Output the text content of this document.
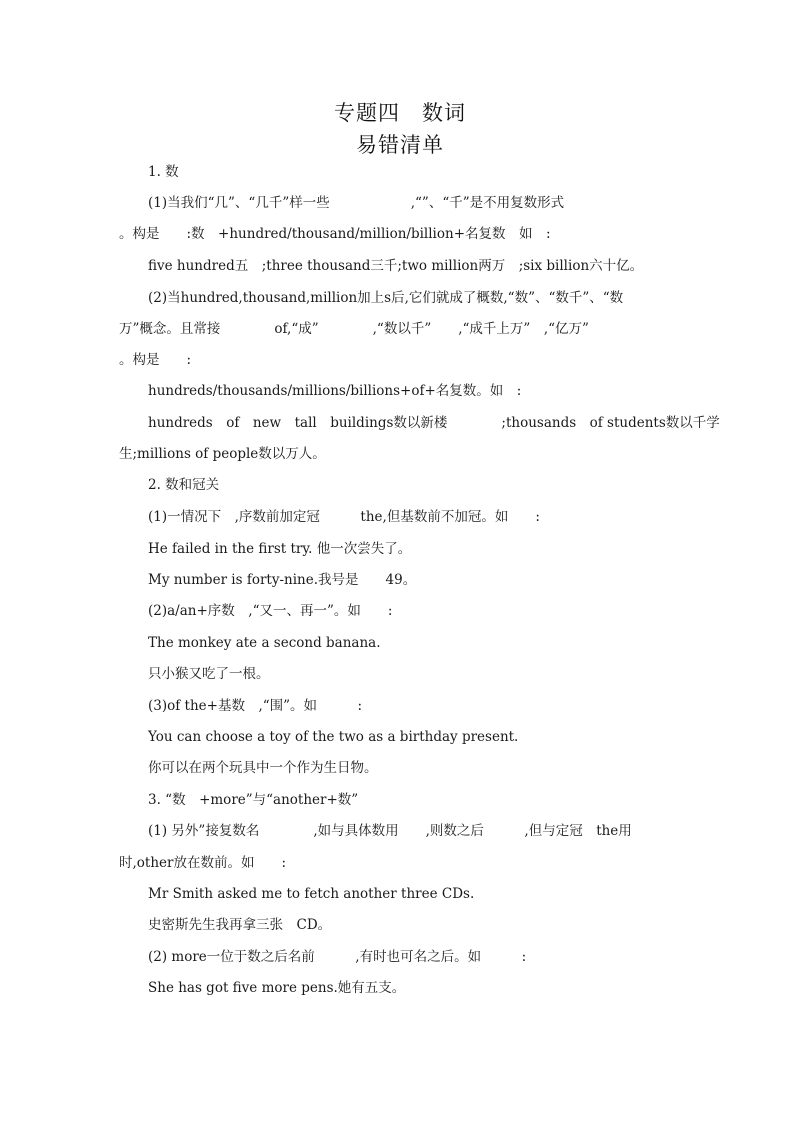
专题四　数词
易错清单
1. 数
(1)当我们“几”、“几千”样一些　　　　　　,“”、“千”是不用复数形式
。构是　　:数　+hundred/thousand/million/billion+名复数　如　:
five hundred五　;three thousand三千;two million两万　;six billion六十亿。
(2)当hundred,thousand,million加上s后,它们就成了概数,“数”、“数千”、“数
万”概念。且常接　　　　of,“成”　　　　,“数以千”　　,“成千上万”　,“亿万”
。构是　　:
hundreds/thousands/millions/billions+of+名复数。如　:
hundreds　of　new　tall　buildings数以新楼　　　　;thousands　of students数以千学
生;millions of people数以万人。
2. 数和冠关
(1)一情况下　,序数前加定冠　　　the,但基数前不加冠。如　　:
He failed in the first try. 他一次尝失了。
My number is forty-nine.我号是　　49。
(2)a/an+序数　,“又一、再一”。如　　:
The monkey ate a second banana.
只小猴又吃了一根。
(3)of the+基数　,“围”。如　　　:
You can choose a toy of the two as a birthday present.
你可以在两个玩具中一个作为生日物。
3. “数　+more”与“another+数”
(1) 另外”接复数名　　　　,如与具体数用　　,则数之后　　　,但与定冠　the用
时,other放在数前。如　　:
Mr Smith asked me to fetch another three CDs.
史密斯先生我再拿三张　CD。
(2) more一位于数之后名前　　　,有时也可名之后。如　　　:
She has got five more pens.她有五支。
